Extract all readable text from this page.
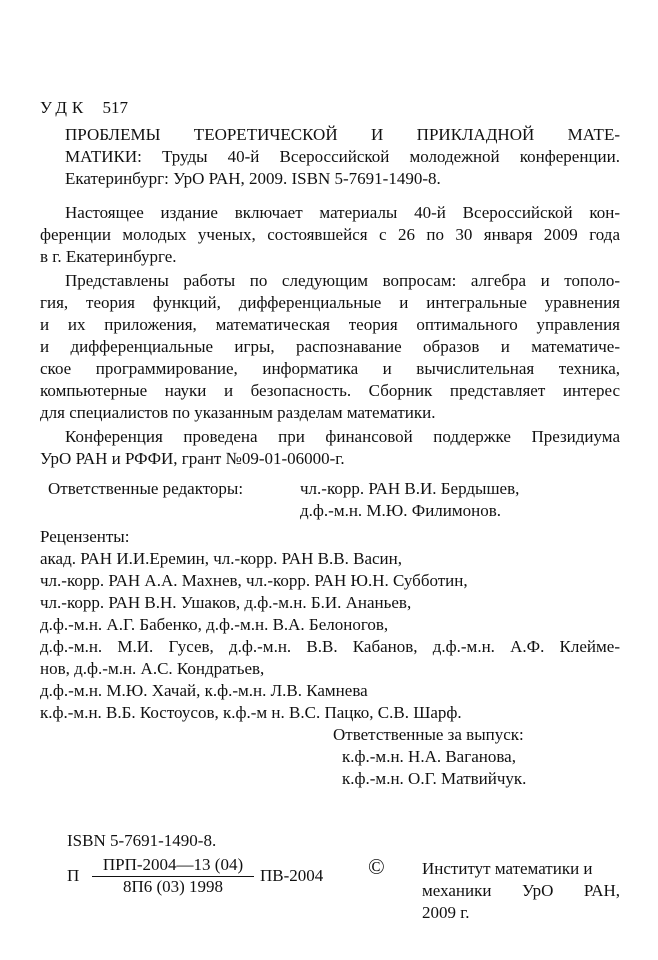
УДК 517
ПРОБЛЕМЫ ТЕОРЕТИЧЕСКОЙ И ПРИКЛАДНОЙ МАТЕ-
МАТИКИ: Труды 40-й Всероссийской молодежной конференции.
Екатеринбург: УрО РАН, 2009. ISBN 5-7691-1490-8.
Настоящее издание включает материалы 40-й Всероссийской кон-
ференции молодых ученых, состоявшейся с 26 по 30 января 2009 года
в г. Екатеринбурге.
Представлены работы по следующим вопросам: алгебра и тополо-
гия, теория функций, дифференциальные и интегральные уравнения
и их приложения, математическая теория оптимального управления
и дифференциальные игры, распознавание образов и математиче-
ское программирование, информатика и вычислительная техника,
компьютерные науки и безопасность. Сборник представляет интерес
для специалистов по указанным разделам математики.
Конференция проведена при финансовой поддержке Президиума
УрО РАН и РФФИ, грант №09-01-06000-г.
Ответственные редакторы:	чл.-корр. РАН В.И. Бердышев,
д.ф.-м.н. М.Ю. Филимонов.
Рецензенты:
акад. РАН И.И.Еремин, чл.-корр. РАН В.В. Васин,
чл.-корр. РАН А.А. Махнев, чл.-корр. РАН Ю.Н. Субботин,
чл.-корр. РАН В.Н. Ушаков, д.ф.-м.н. Б.И. Ананьев,
д.ф.-м.н. А.Г. Бабенко, д.ф.-м.н. В.А. Белоногов,
д.ф.-м.н. М.И. Гусев, д.ф.-м.н. В.В. Кабанов, д.ф.-м.н. А.Ф. Клейме-
нов, д.ф.-м.н. А.С. Кондратьев,
д.ф.-м.н. М.Ю. Хачай, к.ф.-м.н. Л.В. Камнева
к.ф.-м.н. В.Б. Костоусов, к.ф.-м н. В.С. Пацко, С.В. Шарф.
Ответственные за выпуск:
к.ф.-м.н. Н.А. Ваганова,
к.ф.-м.н. О.Г. Матвийчук.
ISBN 5-7691-1490-8.
П
ПРП-2004—13 (04)
8П6 (03) 1998
ПВ-2004 © Институт математики и
механики УрО РАН,
2009 г.
